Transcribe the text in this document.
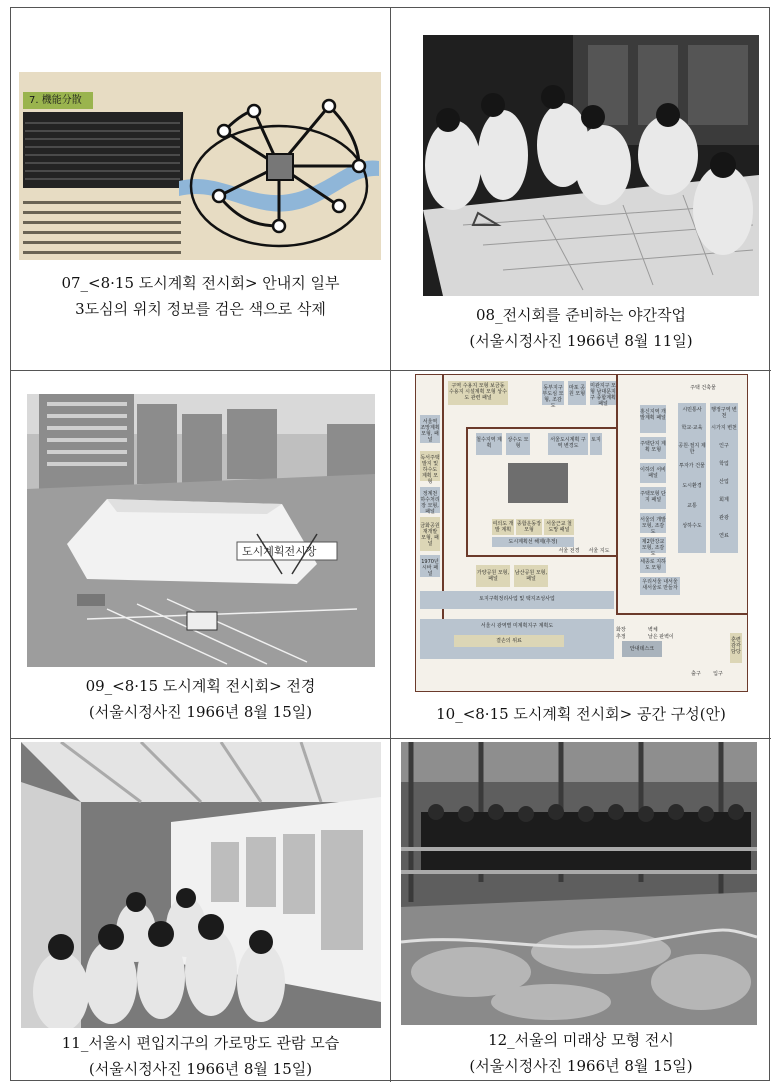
7. 機能分散
07_<8·15 도시계획 전시회> 안내지 일부
3도심의 위치 정보를 검은 색으로 삭제	08_전시회를 준비하는 야간작업
(서울시정사진 1966년 8월 11일)
도시계획전시장
09_<8·15 도시계획 전시회> 전경
(서울시정사진 1966년 8월 15일)
구역 수용지 모형 보금동 수용지 시설계획 모형 상수도 관련 패널
동부지구 부도심 모형, 조감도
마포 공원 모형
미관지구 모형 남대문지구 종합계획 패널
주택 건축물
서울역 조망계획 모형, 패널
독서주택 발지 및 하수도 계획 모형
정계천 하수처리장 모형, 패널
금화공원 재개발 모형, 패널
1970년 시바 패널
철수지역 계획
상수도 모형
서울도시계획 구역 변경도
토지
여의도 개발 계획
종합운동장 모형
서울근교 철도망 패널
도시계획선 해제(추정)
홍신지역 개발계획 패널
주택단지 계획 모형
이하의 서비 패널
주택모형 단지 패널
서울의 개발 모형, 조감도
제2한강교 모형, 조감도
세종로 지하도 모형
우리서울 내서울 새서울로 만들자
시민통사
학교·교육
공원·절지 제한
투자가 건물
도시환경
교통
상하수도
행정구역 변천
시가지 변천
인구
학업
산업
회계
관광
연료
서울 전경	서울 지도
가양공원 모형, 패널
남산공원 모형, 패널
토지구획정리사업 및 택지조성사업
서울시 광역별 미계획지구 계획도
결손의 위료
안내데스크
화장
추정
벽체
날은 판벽이
출구	입구
훈련 감각 담당
10_<8·15 도시계획 전시회> 공간 구성(안)
11_서울시 편입지구의 가로망도 관람 모습
(서울시정사진 1966년 8월 15일)
12_서울의 미래상 모형 전시
(서울시정사진 1966년 8월 15일)
